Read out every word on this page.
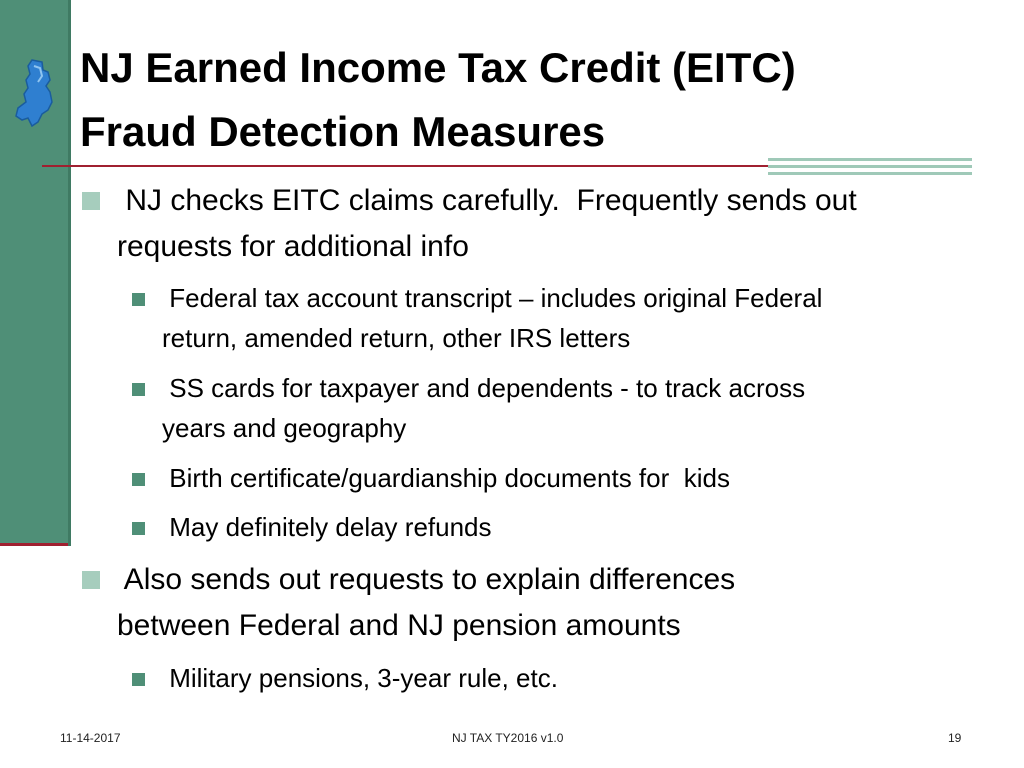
NJ Earned Income Tax Credit (EITC)
Fraud Detection Measures
NJ checks EITC claims carefully.  Frequently sends out
requests for additional info
Federal tax account transcript – includes original Federal
return, amended return, other IRS letters
SS cards for taxpayer and dependents - to track across
years and geography
Birth certificate/guardianship documents for  kids
May definitely delay refunds
Also sends out requests to explain differences
between Federal and NJ pension amounts
Military pensions, 3-year rule, etc.
11-14-2017	NJ TAX TY2016 v1.0	19
